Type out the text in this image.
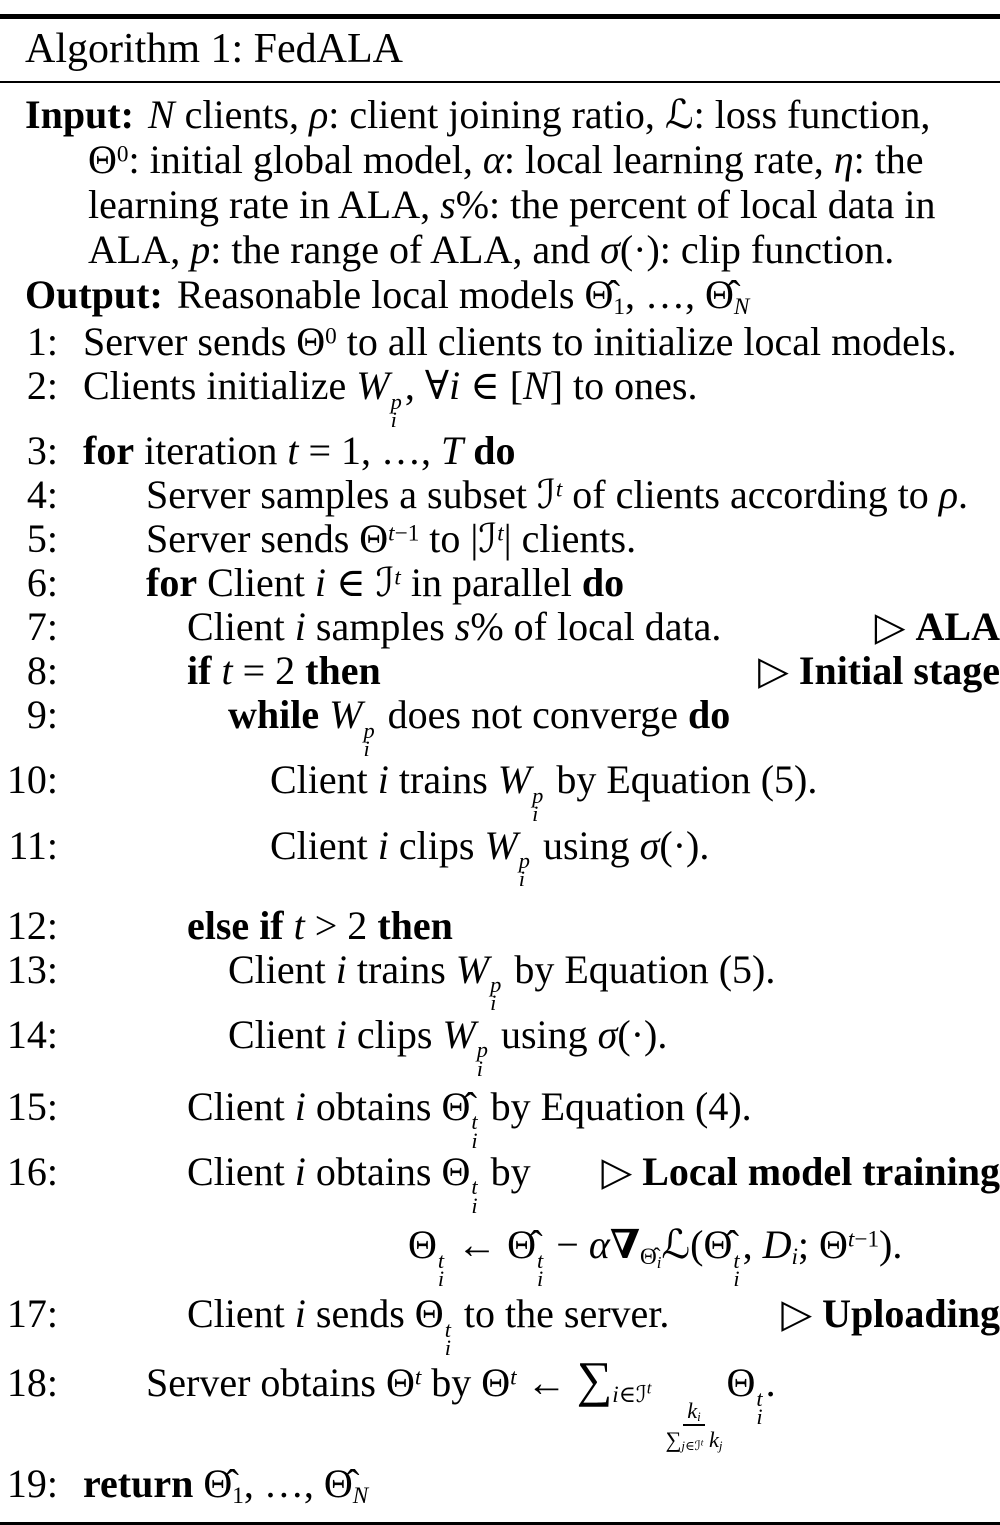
Algorithm 1: FedALA
Input: N clients, ρ: client joining ratio, ℒ: loss function,
$\Theta^0$: initial global model, α: local learning rate, η: the
learning rate in ALA, s%: the percent of local data in
ALA, p: the range of ALA, and σ(·): clip function.
Output: Reasonable local models $\Thetâ_1$, …, $\Thetâ_N$
1: Server sends $\Theta^0$ to all clients to initialize local models.
2: Clients initialize W p
i
, ∀i ∈ [N] to ones.
3: for iteration t = 1, …, T do
4:	Server samples a subset ℐ$^t$ of clients according to ρ.
5:	Server sends $\Theta^{t-1}$ to |ℐ$^t$| clients.
6:	for Client i ∈ ℐ$^t$ in parallel do
7:	Client i samples s% of local data.	▷ ALA
8:	if t = 2 then	▷ Initial stage
9:	while W p
i
does not converge do
10:	Client i trains W p
i
by Equation (5).
11:	Client i clips W p
i
using σ(·).
12:	else if t > 2 then
13:	Client i trains W p
i
by Equation (5).
14:	Client i clips W p
i
using σ(·).
15:	Client i obtains Θ̂ t
i
by Equation (4).
16:	Client i obtains Θ t
i
by	▷ Local model training
Θ t
i
← Θ̂ t
i
− $\alpha\nabla_{\Thetâ_i}ℒ(\Thetâ$ t
i
, $D_i$; $\Theta^{t-1}$).
17:	Client i sends Θ t
i
to the server.	▷ Uploading
18:	Server obtains $\Theta^t$ by $\Theta^t$ ← $\sum_{i\in ℐ^t}$
$\frac{k_i}{\sum_{j\in ℐ^t} k_j}$
Θ t
i
.
19: return $\Thetâ_1$, …, $\Thetâ_N$
